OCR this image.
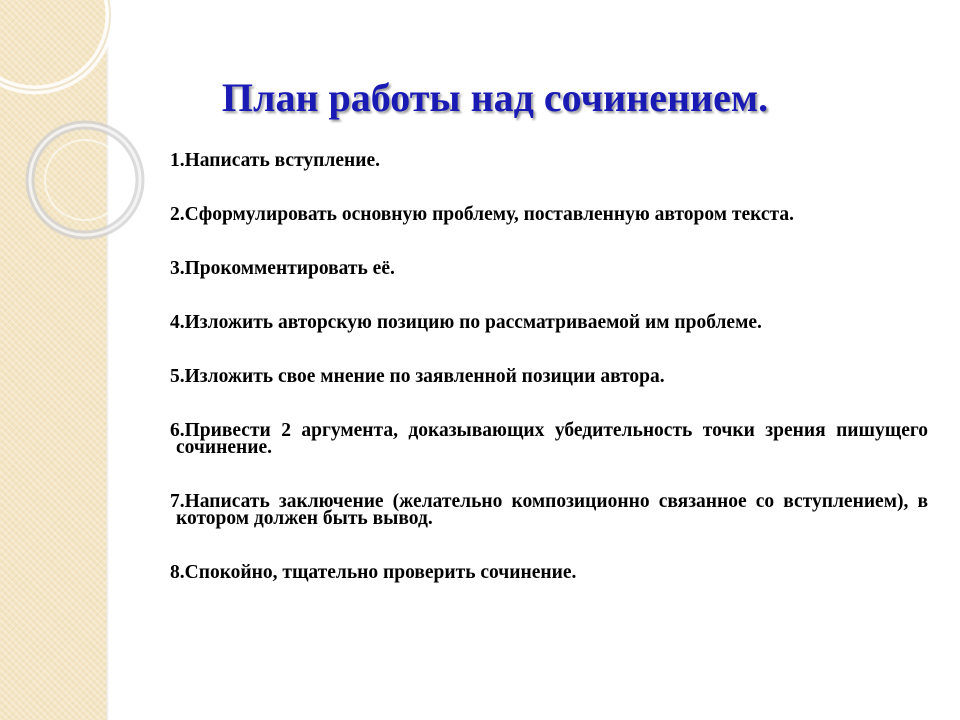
План работы над сочинением.
1.Написать вступление.
2.Сформулировать основную проблему, поставленную автором текста.
3.Прокомментировать её.
4.Изложить авторскую позицию по рассматриваемой им проблеме.
5.Изложить свое мнение по заявленной позиции автора.
6.Привести 2 аргумента, доказывающих убедительность точки зрения пишущего сочинение.
7.Написать заключение (желательно композиционно связанное со вступлением), в котором должен быть вывод.
8.Спокойно, тщательно проверить сочинение.
